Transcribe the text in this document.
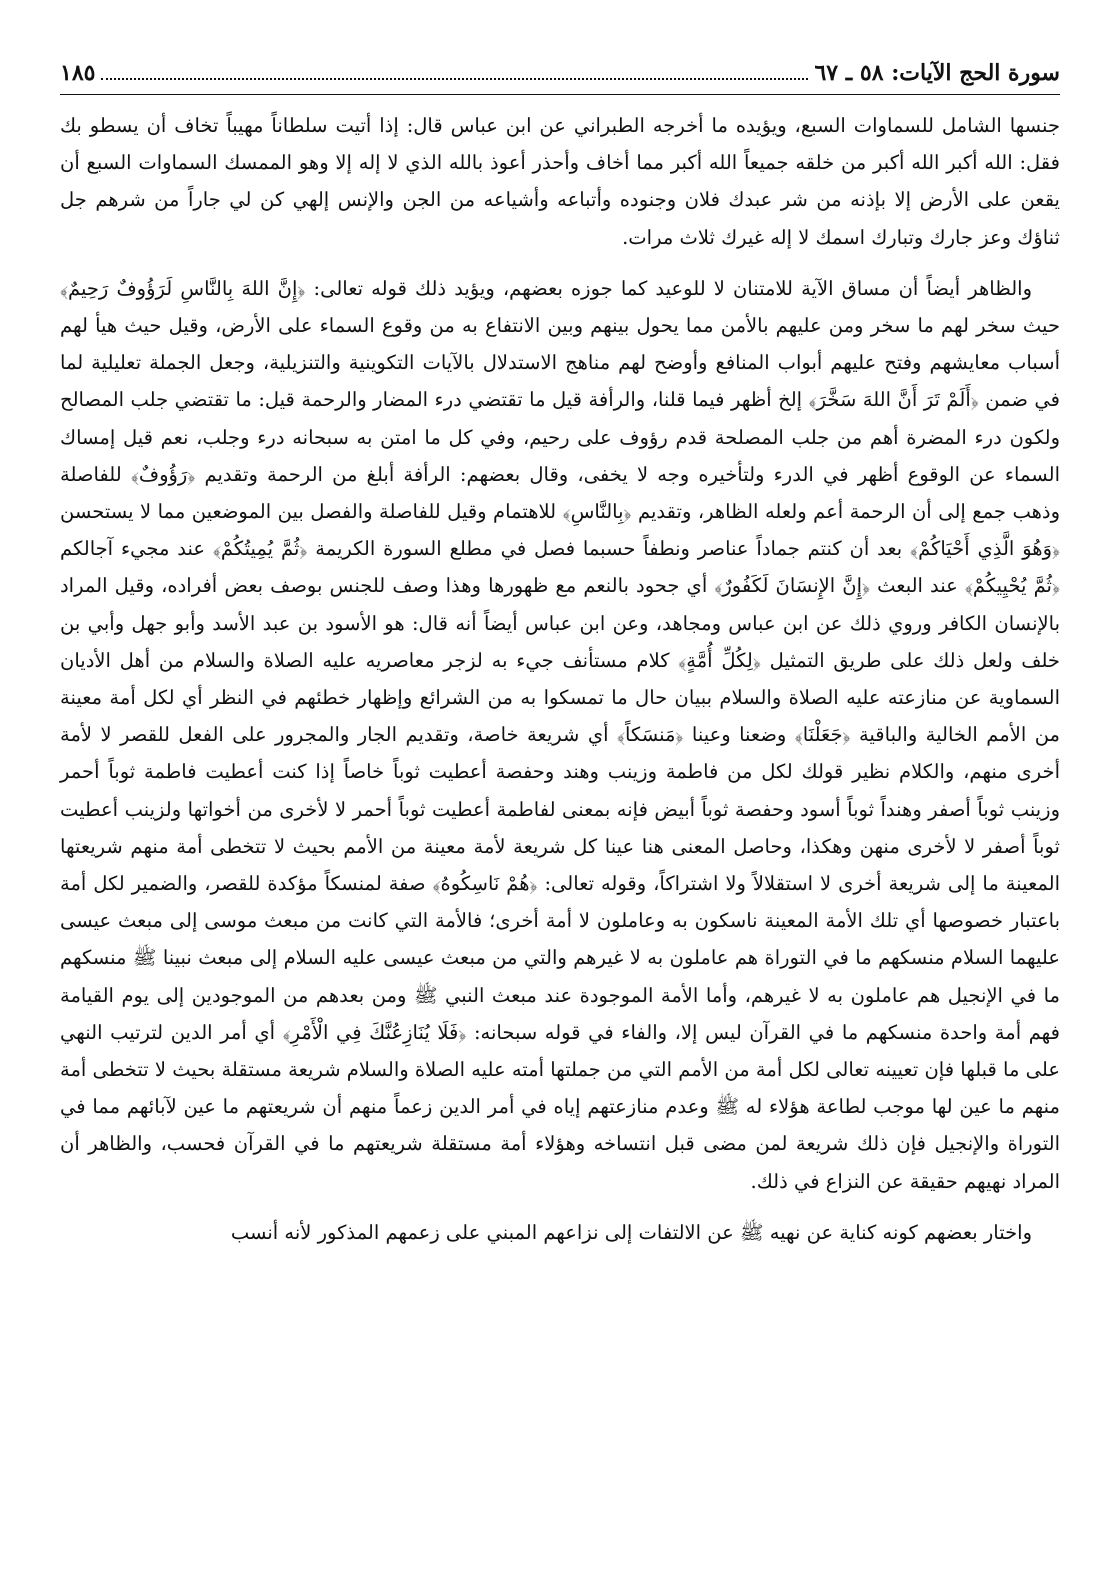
سورة الحج الآيات: ٥٨ ـ ٦٧
١٨٥

جنسها الشامل للسماوات السبع، ويؤيده ما أخرجه الطبراني عن ابن عباس قال: إذا أتيت سلطاناً مهيباً تخاف أن يسطو بك فقل: الله أكبر الله أكبر من خلقه جميعاً الله أكبر مما أخاف وأحذر أعوذ بالله الذي لا إله إلا وهو الممسك السماوات السبع أن يقعن على الأرض إلا بإذنه من شر عبدك فلان وجنوده وأتباعه وأشياعه من الجن والإنس إلهي كن لي جاراً من شرهم جل ثناؤك وعز جارك وتبارك اسمك لا إله غيرك ثلاث مرات.

والظاهر أيضاً أن مساق الآية للامتنان لا للوعيد كما جوزه بعضهم، ويؤيد ذلك قوله تعالى: ﴿إِنَّ اللهَ بِالنَّاسِ لَرَؤُوفٌ رَحِيمٌ﴾ حيث سخر لهم ما سخر ومن عليهم بالأمن مما يحول بينهم وبين الانتفاع به من وقوع السماء على الأرض، وقيل حيث هيأ لهم أسباب معايشهم وفتح عليهم أبواب المنافع وأوضح لهم مناهج الاستدلال بالآيات التكوينية والتنزيلية، وجعل الجملة تعليلية لما في ضمن ﴿أَلَمْ تَرَ أَنَّ اللهَ سَخَّرَ﴾ إلخ أظهر فيما قلنا، والرأفة قيل ما تقتضي درء المضار والرحمة قيل: ما تقتضي جلب المصالح ولكون درء المضرة أهم من جلب المصلحة قدم رؤوف على رحيم، وفي كل ما امتن به سبحانه درء وجلب، نعم قيل إمساك السماء عن الوقوع أظهر في الدرء ولتأخيره وجه لا يخفى، وقال بعضهم: الرأفة أبلغ من الرحمة وتقديم ﴿رَؤُوفٌ﴾ للفاصلة وذهب جمع إلى أن الرحمة أعم ولعله الظاهر، وتقديم ﴿بِالنَّاسِ﴾ للاهتمام وقيل للفاصلة والفصل بين الموضعين مما لا يستحسن ﴿وَهُوَ الَّذِي أَحْيَاكُمْ﴾ بعد أن كنتم جماداً عناصر ونطفاً حسبما فصل في مطلع السورة الكريمة ﴿ثُمَّ يُمِيتُكُمْ﴾ عند مجيء آجالكم ﴿ثُمَّ يُحْيِيكُمْ﴾ عند البعث ﴿إِنَّ الإِنسَانَ لَكَفُورٌ﴾ أي جحود بالنعم مع ظهورها وهذا وصف للجنس بوصف بعض أفراده، وقيل المراد بالإنسان الكافر وروي ذلك عن ابن عباس ومجاهد، وعن ابن عباس أيضاً أنه قال: هو الأسود بن عبد الأسد وأبو جهل وأبي بن خلف ولعل ذلك على طريق التمثيل ﴿لِكُلِّ أُمَّةٍ﴾ كلام مستأنف جيء به لزجر معاصريه عليه الصلاة والسلام من أهل الأديان السماوية عن منازعته عليه الصلاة والسلام ببيان حال ما تمسكوا به من الشرائع وإظهار خطئهم في النظر أي لكل أمة معينة من الأمم الخالية والباقية ﴿جَعَلْنَا﴾ وضعنا وعينا ﴿مَنسَكاً﴾ أي شريعة خاصة، وتقديم الجار والمجرور على الفعل للقصر لا لأمة أخرى منهم، والكلام نظير قولك لكل من فاطمة وزينب وهند وحفصة أعطيت ثوباً خاصاً إذا كنت أعطيت فاطمة ثوباً أحمر وزينب ثوباً أصفر وهنداً ثوباً أسود وحفصة ثوباً أبيض فإنه بمعنى لفاطمة أعطيت ثوباً أحمر لا لأخرى من أخواتها ولزينب أعطيت ثوباً أصفر لا لأخرى منهن وهكذا، وحاصل المعنى هنا عينا كل شريعة لأمة معينة من الأمم بحيث لا تتخطى أمة منهم شريعتها المعينة ما إلى شريعة أخرى لا استقلالاً ولا اشتراكاً، وقوله تعالى: ﴿هُمْ نَاسِكُوهُ﴾ صفة لمنسكاً مؤكدة للقصر، والضمير لكل أمة باعتبار خصوصها أي تلك الأمة المعينة ناسكون به وعاملون لا أمة أخرى؛ فالأمة التي كانت من مبعث موسى إلى مبعث عيسى عليهما السلام منسكهم ما في التوراة هم عاملون به لا غيرهم والتي من مبعث عيسى عليه السلام إلى مبعث نبينا ﷺ منسكهم ما في الإنجيل هم عاملون به لا غيرهم، وأما الأمة الموجودة عند مبعث النبي ﷺ ومن بعدهم من الموجودين إلى يوم القيامة فهم أمة واحدة منسكهم ما في القرآن ليس إلا، والفاء في قوله سبحانه: ﴿فَلَا يُنَازِعُنَّكَ فِي الْأَمْرِ﴾ أي أمر الدين لترتيب النهي على ما قبلها فإن تعيينه تعالى لكل أمة من الأمم التي من جملتها أمته عليه الصلاة والسلام شريعة مستقلة بحيث لا تتخطى أمة منهم ما عين لها موجب لطاعة هؤلاء له ﷺ وعدم منازعتهم إياه في أمر الدين زعماً منهم أن شريعتهم ما عين لآبائهم مما في التوراة والإنجيل فإن ذلك شريعة لمن مضى قبل انتساخه وهؤلاء أمة مستقلة شريعتهم ما في القرآن فحسب، والظاهر أن المراد نهيهم حقيقة عن النزاع في ذلك.

واختار بعضهم كونه كناية عن نهيه ﷺ عن الالتفات إلى نزاعهم المبني على زعمهم المذكور لأنه أنسب
